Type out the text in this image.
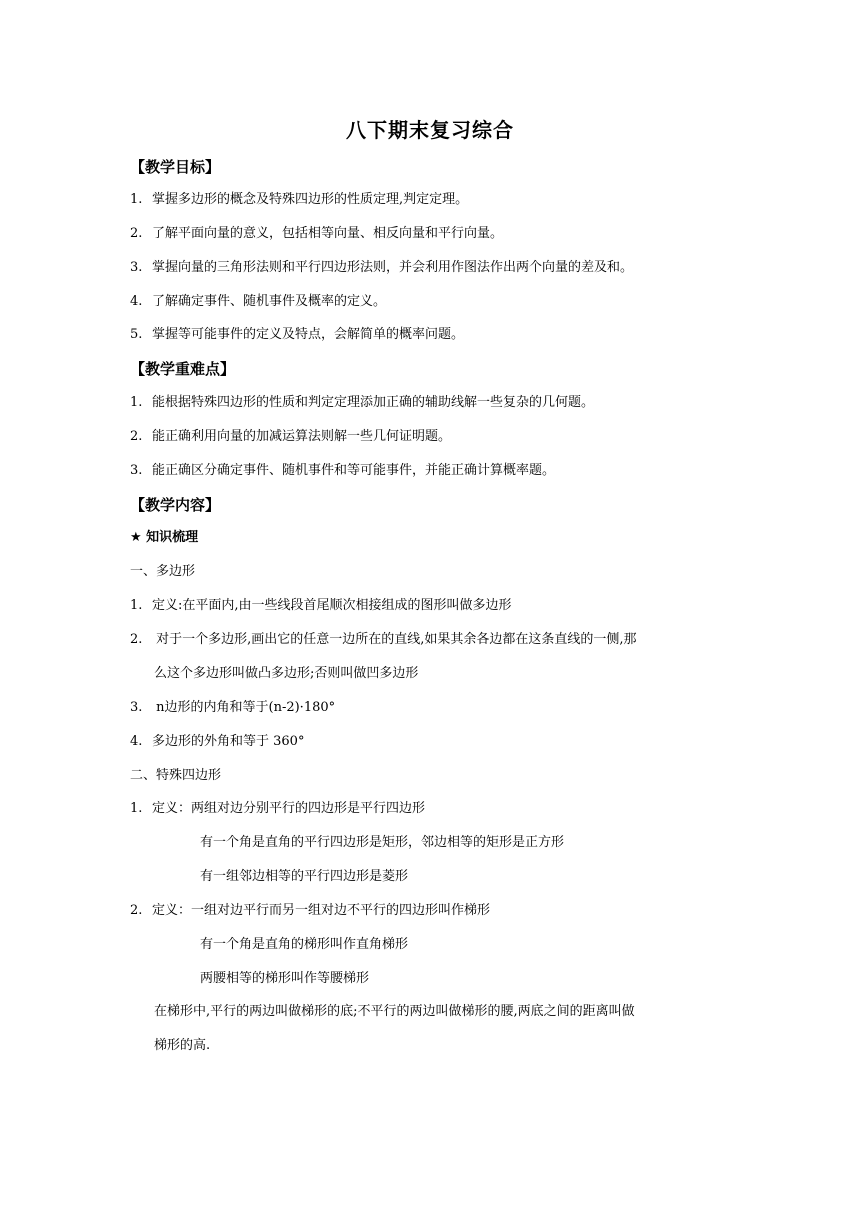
八下期末复习综合
【教学目标】
1. 掌握多边形的概念及特殊四边形的性质定理,判定定理。
2. 了解平面向量的意义，包括相等向量、相反向量和平行向量。
3. 掌握向量的三角形法则和平行四边形法则，并会利用作图法作出两个向量的差及和。
4. 了解确定事件、随机事件及概率的定义。
5. 掌握等可能事件的定义及特点，会解简单的概率问题。
【教学重难点】
1. 能根据特殊四边形的性质和判定定理添加正确的辅助线解一些复杂的几何题。
2. 能正确利用向量的加减运算法则解一些几何证明题。
3. 能正确区分确定事件、随机事件和等可能事件，并能正确计算概率题。
【教学内容】
★ 知识梳理
一、多边形
1. 定义:在平面内,由一些线段首尾顺次相接组成的图形叫做多边形
2. 对于一个多边形,画出它的任意一边所在的直线,如果其余各边都在这条直线的一侧,那
么这个多边形叫做凸多边形;否则叫做凹多边形
3. n边形的内角和等于(n-2)·180°
4. 多边形的外角和等于 360°
二、特殊四边形
1. 定义：两组对边分别平行的四边形是平行四边形
有一个角是直角的平行四边形是矩形，邻边相等的矩形是正方形
有一组邻边相等的平行四边形是菱形
2. 定义：一组对边平行而另一组对边不平行的四边形叫作梯形
有一个角是直角的梯形叫作直角梯形
两腰相等的梯形叫作等腰梯形
在梯形中,平行的两边叫做梯形的底;不平行的两边叫做梯形的腰,两底之间的距离叫做
梯形的高.
